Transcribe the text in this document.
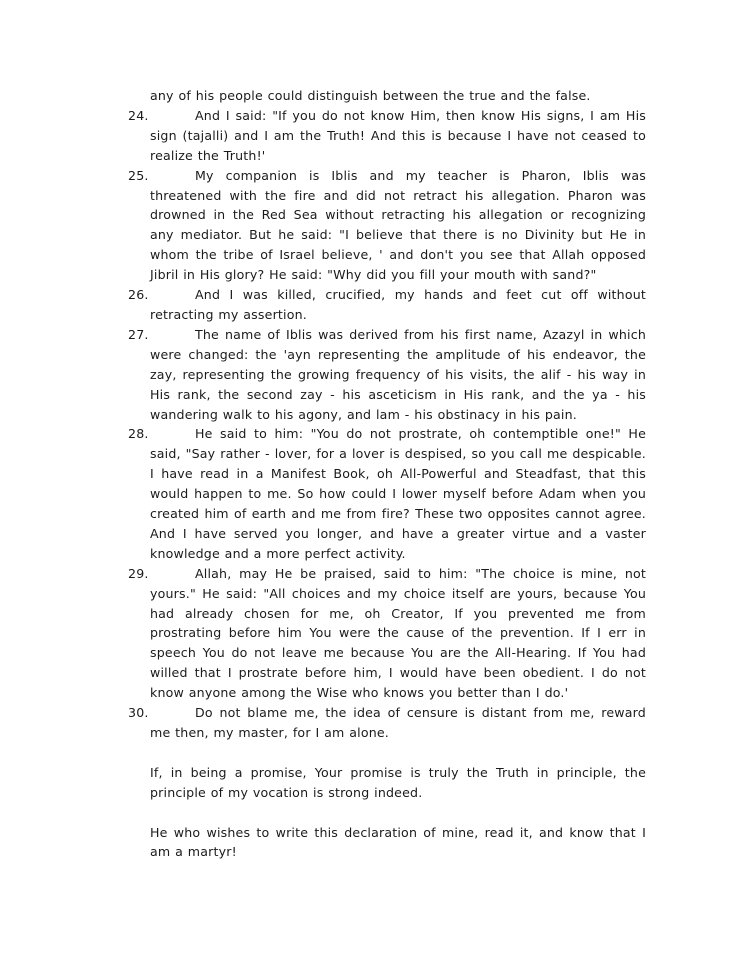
any of his people could distinguish between the true and the false.

24.	And I said: "If you do not know Him, then know His signs, I am His sign (tajalli) and I am the Truth! And this is because I have not ceased to realize the Truth!'
25.	My companion is Iblis and my teacher is Pharon, Iblis was threatened with the fire and did not retract his allegation. Pharon was drowned in the Red Sea without retracting his allegation or recognizing any mediator. But he said: "I believe that there is no Divinity but He in whom the tribe of Israel believe, ' and don't you see that Allah opposed Jibril in His glory? He said: "Why did you fill your mouth with sand?"
26.	And I was killed, crucified, my hands and feet cut off without retracting my assertion.
27.	The name of Iblis was derived from his first name, Azazyl in which were changed: the 'ayn representing the amplitude of his endeavor, the zay, representing the growing frequency of his visits, the alif - his way in His rank, the second zay - his asceticism in His rank, and the ya - his wandering walk to his agony, and lam - his obstinacy in his pain.
28.	He said to him: "You do not prostrate, oh contemptible one!" He said, "Say rather - lover, for a lover is despised, so you call me despicable. I have read in a Manifest Book, oh All-Powerful and Steadfast, that this would happen to me. So how could I lower myself before Adam when you created him of earth and me from fire? These two opposites cannot agree. And I have served you longer, and have a greater virtue and a vaster knowledge and a more perfect activity.
29.	Allah, may He be praised, said to him: "The choice is mine, not yours." He said: "All choices and my choice itself are yours, because You had already chosen for me, oh Creator, If you prevented me from prostrating before him You were the cause of the prevention. If I err in speech You do not leave me because You are the All-Hearing. If You had willed that I prostrate before him, I would have been obedient. I do not know anyone among the Wise who knows you better than I do.'
30.	Do not blame me, the idea of censure is distant from me, reward me then, my master, for I am alone.

If, in being a promise, Your promise is truly the Truth in principle, the principle of my vocation is strong indeed.

He who wishes to write this declaration of mine, read it, and know that I am a martyr!
